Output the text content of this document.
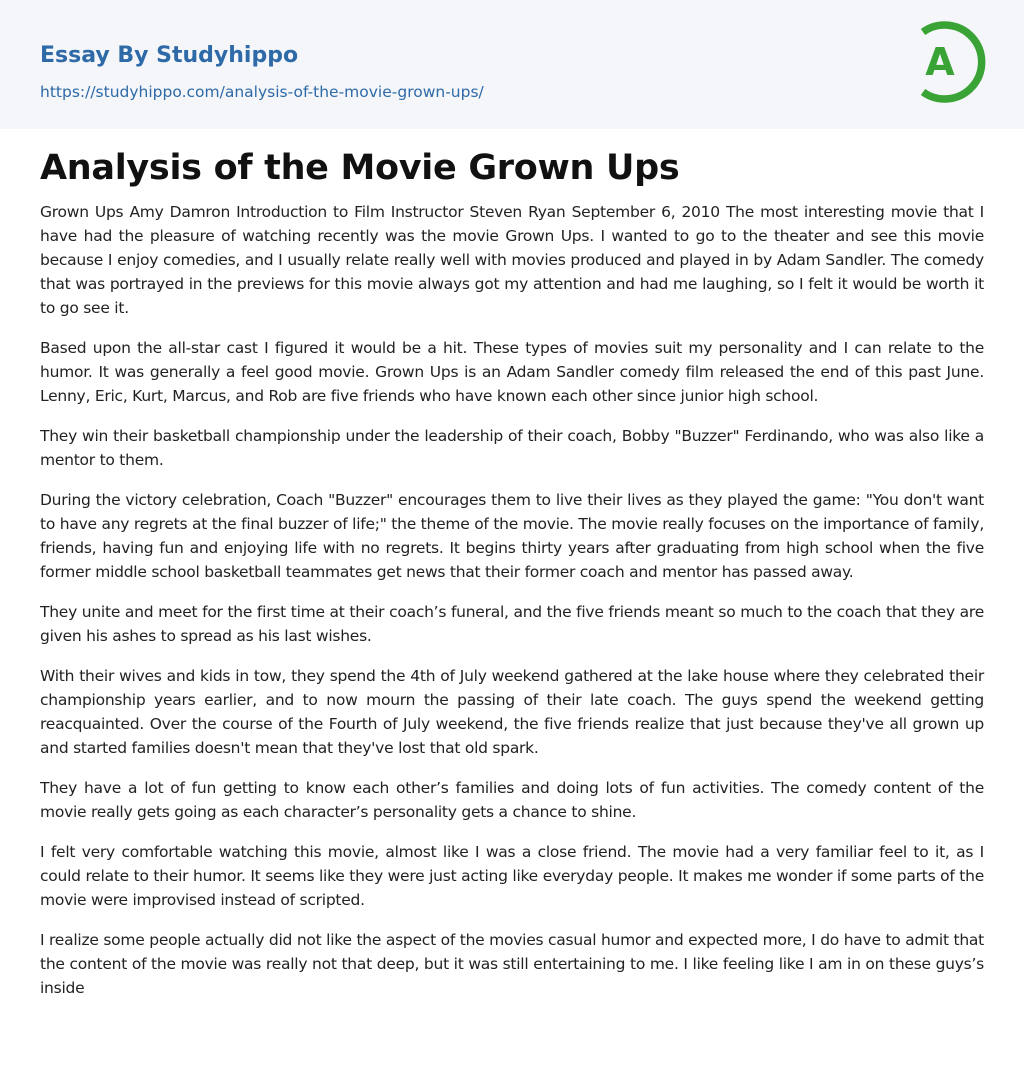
Essay By Studyhippo
https://studyhippo.com/analysis-of-the-movie-grown-ups/
A
Analysis of the Movie Grown Ups

Grown Ups Amy Damron Introduction to Film Instructor Steven Ryan September 6, 2010 The most interesting movie that I have had the pleasure of watching recently was the movie Grown Ups. I wanted to go to the theater and see this movie because I enjoy comedies, and I usually relate really well with movies produced and played in by Adam Sandler. The comedy that was portrayed in the previews for this movie always got my attention and had me laughing, so I felt it would be worth it to go see it.

Based upon the all-star cast I figured it would be a hit. These types of movies suit my personality and I can relate to the humor. It was generally a feel good movie. Grown Ups is an Adam Sandler comedy film released the end of this past June. Lenny, Eric, Kurt, Marcus, and Rob are five friends who have known each other since junior high school.

They win their basketball championship under the leadership of their coach, Bobby "Buzzer" Ferdinando, who was also like a mentor to them.

During the victory celebration, Coach "Buzzer" encourages them to live their lives as they played the game: "You don't want to have any regrets at the final buzzer of life;" the theme of the movie. The movie really focuses on the importance of family, friends, having fun and enjoying life with no regrets. It begins thirty years after graduating from high school when the five former middle school basketball teammates get news that their former coach and mentor has passed away.

They unite and meet for the first time at their coach’s funeral, and the five friends meant so much to the coach that they are given his ashes to spread as his last wishes.

With their wives and kids in tow, they spend the 4th of July weekend gathered at the lake house where they celebrated their championship years earlier, and to now mourn the passing of their late coach. The guys spend the weekend getting reacquainted. Over the course of the Fourth of July weekend, the five friends realize that just because they've all grown up and started families doesn't mean that they've lost that old spark.

They have a lot of fun getting to know each other’s families and doing lots of fun activities. The comedy content of the movie really gets going as each character’s personality gets a chance to shine.

I felt very comfortable watching this movie, almost like I was a close friend. The movie had a very familiar feel to it, as I could relate to their humor. It seems like they were just acting like everyday people. It makes me wonder if some parts of the movie were improvised instead of scripted.

I realize some people actually did not like the aspect of the movies casual humor and expected more, I do have to admit that the content of the movie was really not that deep, but it was still entertaining to me. I like feeling like I am in on these guys’s inside
